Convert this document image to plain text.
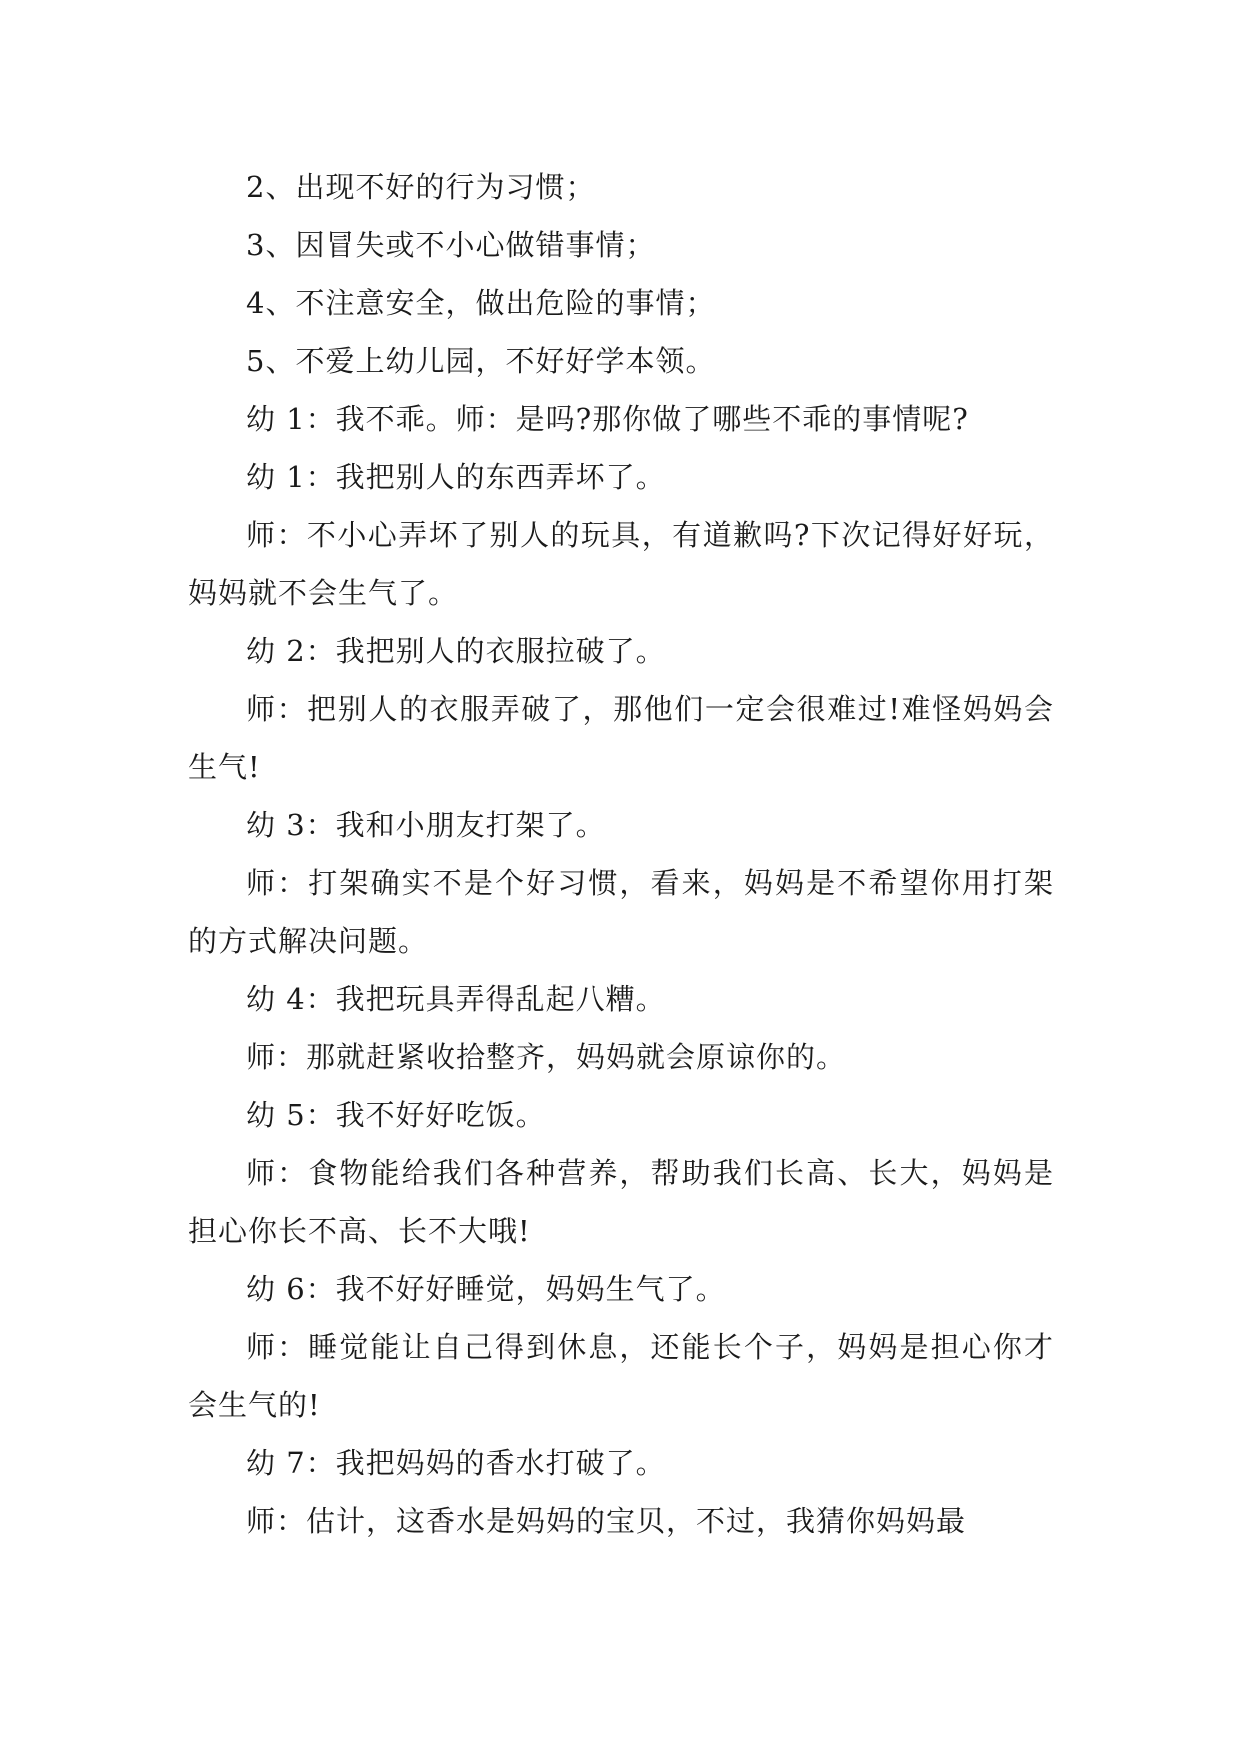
2、出现不好的行为习惯；

3、因冒失或不小心做错事情；

4、不注意安全，做出危险的事情；

5、不爱上幼儿园，不好好学本领。

幼 1：我不乖。师：是吗?那你做了哪些不乖的事情呢?

幼 1：我把别人的东西弄坏了。

师：不小心弄坏了别人的玩具，有道歉吗?下次记得好好玩，妈妈就不会生气了。

幼 2：我把别人的衣服拉破了。

师：把别人的衣服弄破了，那他们一定会很难过!难怪妈妈会生气!

幼 3：我和小朋友打架了。

师：打架确实不是个好习惯，看来，妈妈是不希望你用打架的方式解决问题。

幼 4：我把玩具弄得乱起八糟。

师：那就赶紧收拾整齐，妈妈就会原谅你的。

幼 5：我不好好吃饭。

师：食物能给我们各种营养，帮助我们长高、长大，妈妈是担心你长不高、长不大哦!

幼 6：我不好好睡觉，妈妈生气了。

师：睡觉能让自己得到休息，还能长个子，妈妈是担心你才会生气的!

幼 7：我把妈妈的香水打破了。

师：估计，这香水是妈妈的宝贝，不过，我猜你妈妈最
